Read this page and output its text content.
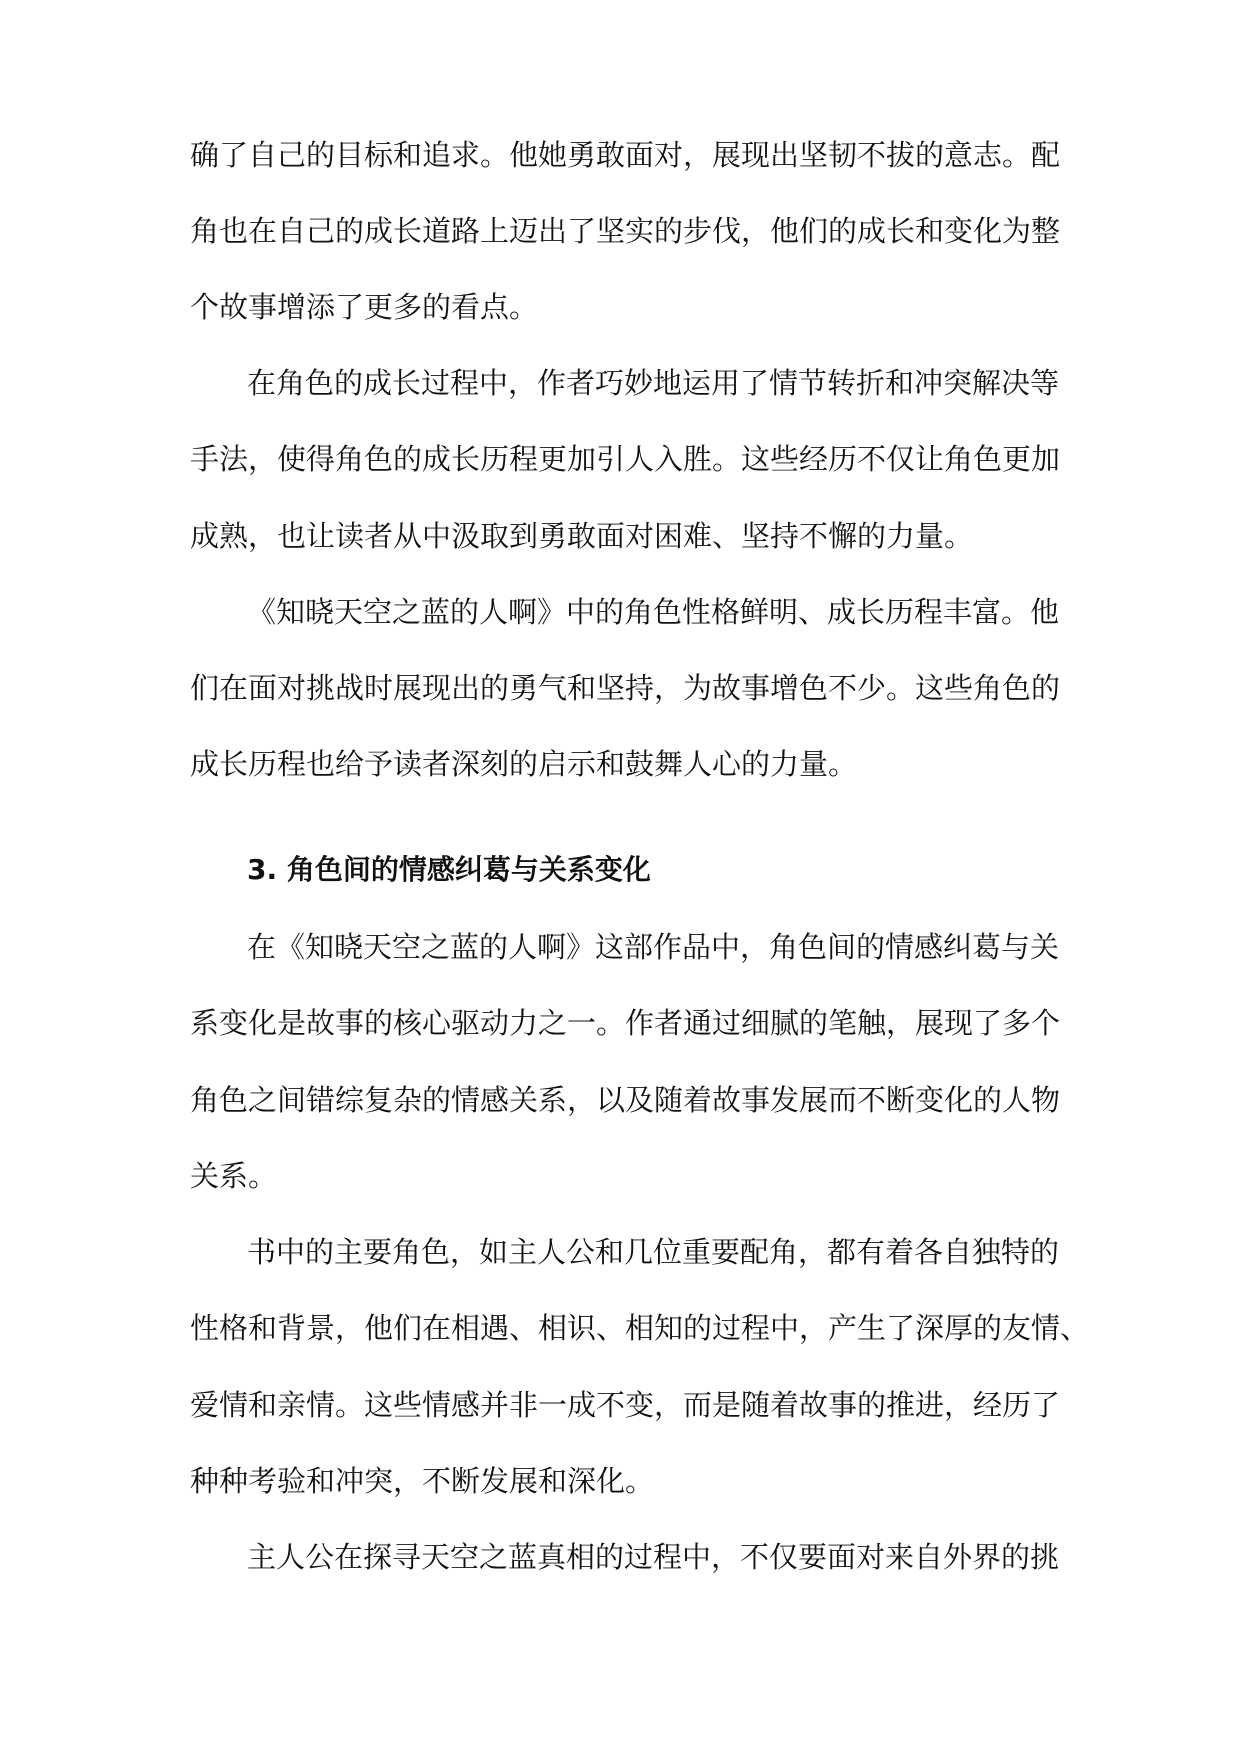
确了自己的目标和追求。他她勇敢面对，展现出坚韧不拔的意志。配
角也在自己的成长道路上迈出了坚实的步伐，他们的成长和变化为整
个故事增添了更多的看点。
在角色的成长过程中，作者巧妙地运用了情节转折和冲突解决等
手法，使得角色的成长历程更加引人入胜。这些经历不仅让角色更加
成熟，也让读者从中汲取到勇敢面对困难、坚持不懈的力量。
《知晓天空之蓝的人啊》中的角色性格鲜明、成长历程丰富。他
们在面对挑战时展现出的勇气和坚持，为故事增色不少。这些角色的
成长历程也给予读者深刻的启示和鼓舞人心的力量。
3. 角色间的情感纠葛与关系变化
在《知晓天空之蓝的人啊》这部作品中，角色间的情感纠葛与关
系变化是故事的核心驱动力之一。作者通过细腻的笔触，展现了多个
角色之间错综复杂的情感关系，以及随着故事发展而不断变化的人物
关系。
书中的主要角色，如主人公和几位重要配角，都有着各自独特的
性格和背景，他们在相遇、相识、相知的过程中，产生了深厚的友情、
爱情和亲情。这些情感并非一成不变，而是随着故事的推进，经历了
种种考验和冲突，不断发展和深化。
主人公在探寻天空之蓝真相的过程中，不仅要面对来自外界的挑
